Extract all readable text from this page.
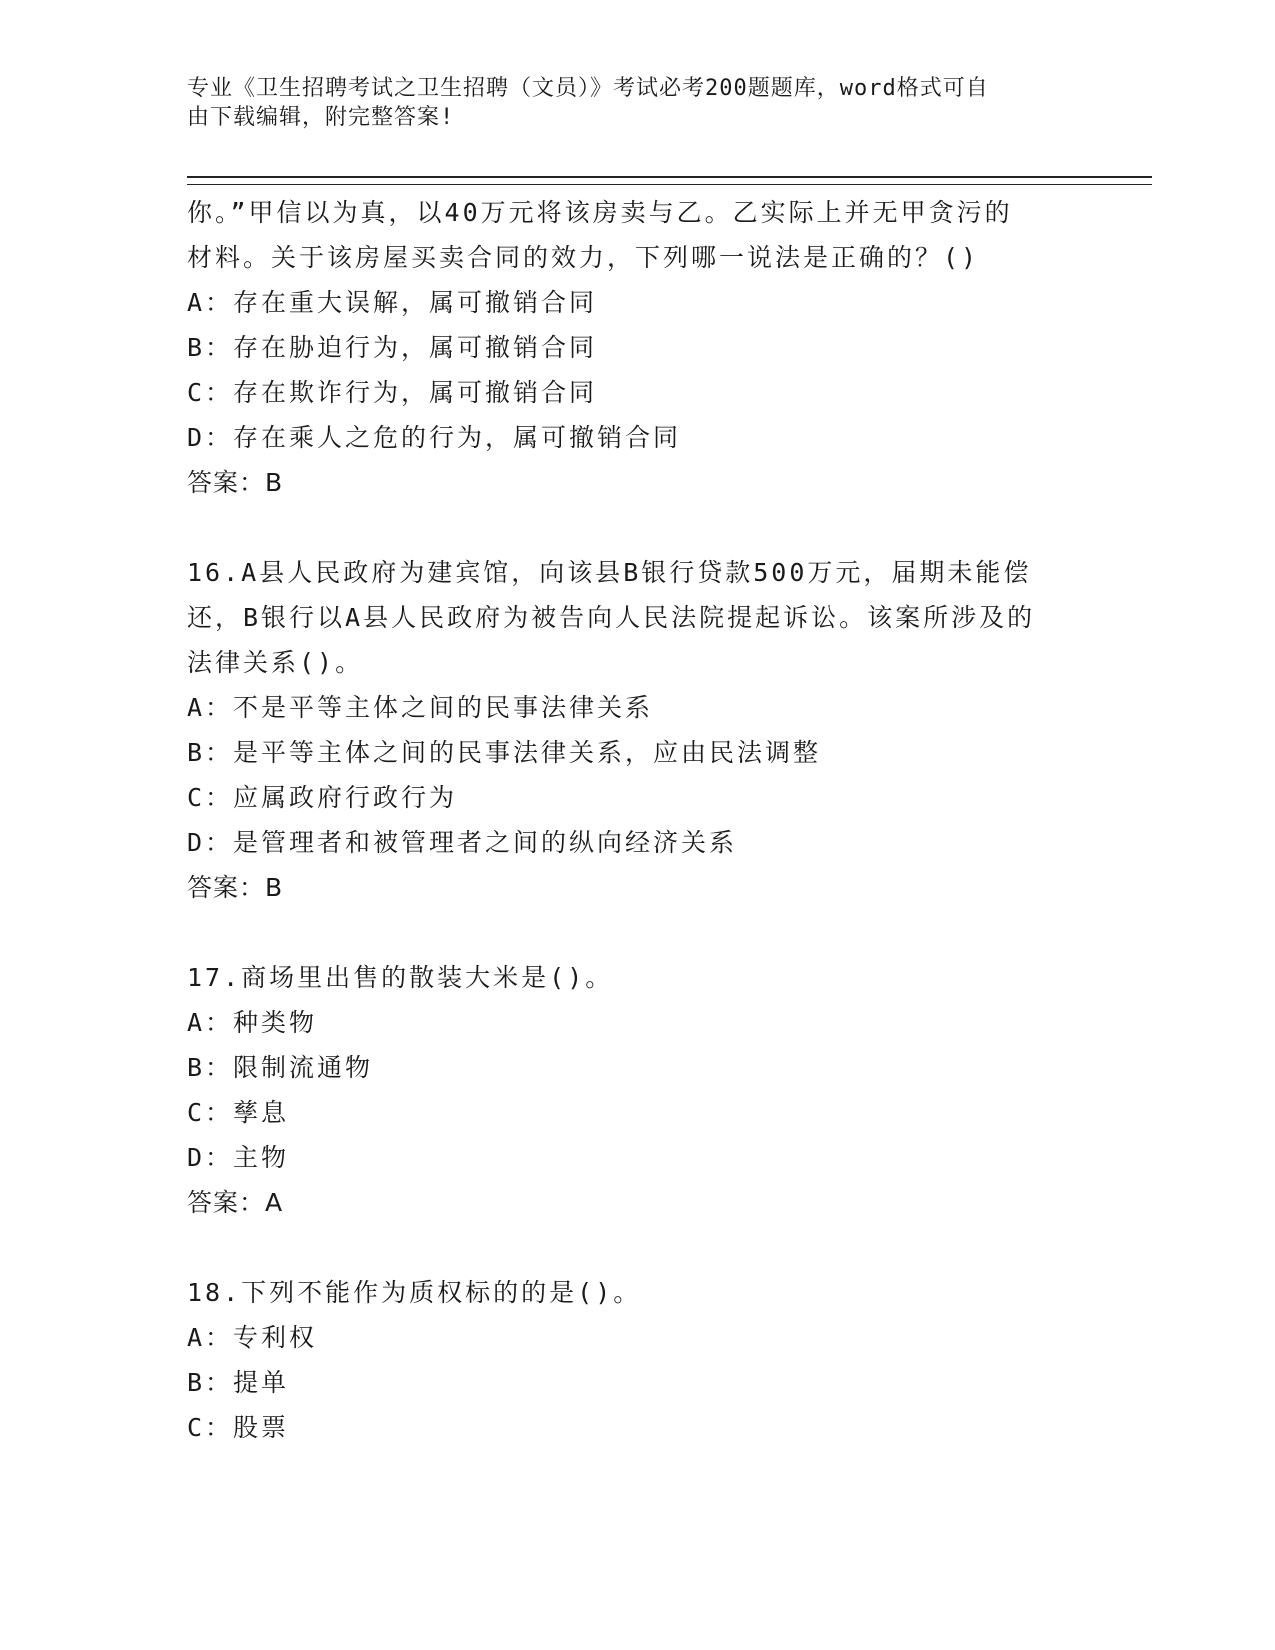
专业《卫生招聘考试之卫生招聘（文员）》考试必考200题题库，word格式可自
由下载编辑，附完整答案!
你。”甲信以为真，以40万元将该房卖与乙。乙实际上并无甲贪污的
材料。关于该房屋买卖合同的效力，下列哪一说法是正确的？()
A：存在重大误解，属可撤销合同
B：存在胁迫行为，属可撤销合同
C：存在欺诈行为，属可撤销合同
D：存在乘人之危的行为，属可撤销合同
答案：B
16.A县人民政府为建宾馆，向该县B银行贷款500万元，届期未能偿
还，B银行以A县人民政府为被告向人民法院提起诉讼。该案所涉及的
法律关系()。
A：不是平等主体之间的民事法律关系
B：是平等主体之间的民事法律关系，应由民法调整
C：应属政府行政行为
D：是管理者和被管理者之间的纵向经济关系
答案：B
17.商场里出售的散装大米是()。
A：种类物
B：限制流通物
C：孳息
D：主物
答案：A
18.下列不能作为质权标的的是()。
A：专利权
B：提单
C：股票
